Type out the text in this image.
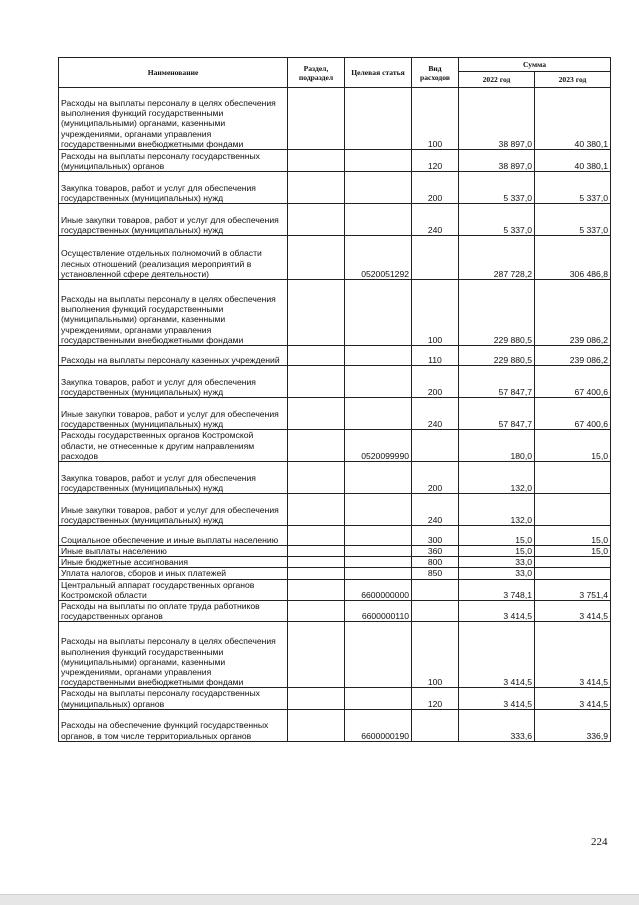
Наименование	Раздел, подраздел	Целевая статья	Вид расходов	Сумма	
				2022 год	2023 год
Расходы на выплаты персоналу в целях обеспечения выполнения функций государственными (муниципальными) органами, казенными учреждениями, органами управления государственными внебюджетными фондами			100	38 897,0	40 380,1
Расходы на выплаты персоналу государственных (муниципальных) органов			120	38 897,0	40 380,1
Закупка товаров, работ и услуг для обеспечения государственных (муниципальных) нужд			200	5 337,0	5 337,0
Иные закупки товаров, работ и услуг для обеспечения государственных (муниципальных) нужд			240	5 337,0	5 337,0
Осуществление отдельных полномочий в области лесных отношений (реализация мероприятий в установленной сфере деятельности)		0520051292		287 728,2	306 486,8
Расходы на выплаты персоналу в целях обеспечения выполнения функций государственными (муниципальными) органами, казенными учреждениями, органами управления государственными внебюджетными фондами			100	229 880,5	239 086,2
Расходы на выплаты персоналу казенных учреждений			110	229 880,5	239 086,2
Закупка товаров, работ и услуг для обеспечения государственных (муниципальных) нужд			200	57 847,7	67 400,6
Иные закупки товаров, работ и услуг для обеспечения государственных (муниципальных) нужд			240	57 847,7	67 400,6
Расходы государственных органов Костромской области, не отнесенные к другим направлениям расходов		0520099990		180,0	15,0
Закупка товаров, работ и услуг для обеспечения государственных (муниципальных) нужд			200	132,0	
Иные закупки товаров, работ и услуг для обеспечения государственных (муниципальных) нужд			240	132,0	
Социальное обеспечение и иные выплаты населению			300	15,0	15,0
Иные выплаты населению			360	15,0	15,0
Иные бюджетные ассигнования			800	33,0	
Уплата налогов, сборов и иных платежей			850	33,0	
Центральный аппарат государственных органов Костромской области		6600000000		3 748,1	3 751,4
Расходы на выплаты по оплате труда работников государственных органов		6600000110		3 414,5	3 414,5
Расходы на выплаты персоналу в целях обеспечения выполнения функций государственными (муниципальными) органами, казенными учреждениями, органами управления государственными внебюджетными фондами			100	3 414,5	3 414,5
Расходы на выплаты персоналу государственных (муниципальных) органов			120	3 414,5	3 414,5
Расходы на обеспечение функций государственных органов, в том числе территориальных органов		6600000190		333,6	336,9
224
